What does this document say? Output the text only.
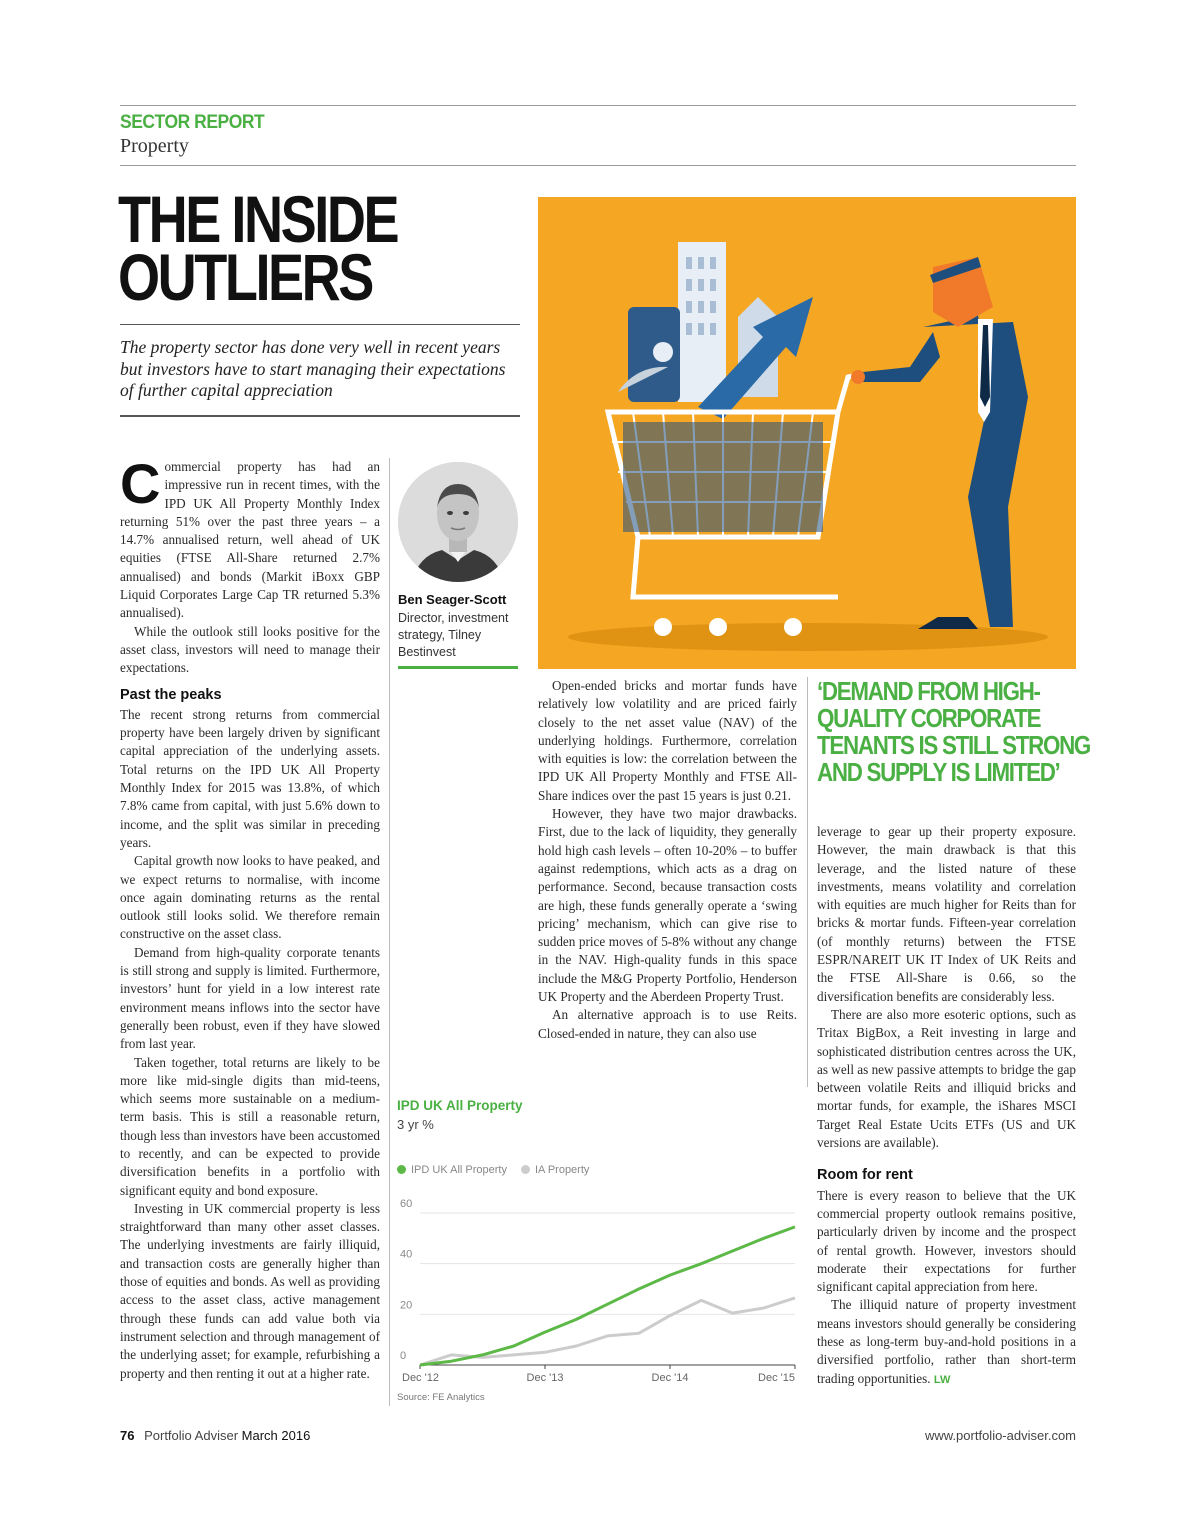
SECTOR REPORT
Property
THE INSIDE
OUTLIERS
The property sector has done very well in recent years but investors have to start managing their expectations of further capital appreciation

Commercial property has had an impressive run in recent times, with the IPD UK All Property Monthly Index returning 51% over the past three years – a 14.7% annualised return, well ahead of UK equities (FTSE All-Share returned 2.7% annualised) and bonds (Markit iBoxx GBP Liquid Corporates Large Cap TR returned 5.3% annualised).

While the outlook still looks positive for the asset class, investors will need to manage their expectations.

Past the peaks

The recent strong returns from commercial property have been largely driven by significant capital appreciation of the underlying assets. Total returns on the IPD UK All Property Monthly Index for 2015 was 13.8%, of which 7.8% came from capital, with just 5.6% down to income, and the split was similar in preceding years.

Capital growth now looks to have peaked, and we expect returns to normalise, with income once again dominating returns as the rental outlook still looks solid. We therefore remain constructive on the asset class.

Demand from high-quality corporate tenants is still strong and supply is limited. Furthermore, investors’ hunt for yield in a low interest rate environment means inflows into the sector have generally been robust, even if they have slowed from last year.

Taken together, total returns are likely to be more like mid-single digits than mid-teens, which seems more sustainable on a medium-term basis. This is still a reasonable return, though less than investors have been accustomed to recently, and can be expected to provide diversification benefits in a portfolio with significant equity and bond exposure.

Investing in UK commercial property is less straightforward than many other asset classes. The underlying investments are fairly illiquid, and transaction costs are generally higher than those of equities and bonds. As well as providing access to the asset class, active management through these funds can add value both via instrument selection and through management of the underlying asset; for example, refurbishing a property and then renting it out at a higher rate.

Ben Seager-Scott
Director, investment strategy, Tilney Bestinvest

Open-ended bricks and mortar funds have relatively low volatility and are priced fairly closely to the net asset value (NAV) of the underlying holdings. Furthermore, correlation with equities is low: the correlation between the IPD UK All Property Monthly and FTSE All-Share indices over the past 15 years is just 0.21.

However, they have two major drawbacks. First, due to the lack of liquidity, they generally hold high cash levels – often 10-20% – to buffer against redemptions, which acts as a drag on performance. Second, because transaction costs are high, these funds generally operate a ‘swing pricing’ mechanism, which can give rise to sudden price moves of 5-8% without any change in the NAV. High-quality funds in this space include the M&G Property Portfolio, Henderson UK Property and the Aberdeen Property Trust.

An alternative approach is to use Reits. Closed-ended in nature, they can also use

‘DEMAND FROM HIGH-
QUALITY CORPORATE
TENANTS IS STILL STRONG
AND SUPPLY IS LIMITED’

leverage to gear up their property exposure. However, the main drawback is that this leverage, and the listed nature of these investments, means volatility and correlation with equities are much higher for Reits than for bricks & mortar funds. Fifteen-year correlation (of monthly returns) between the FTSE ESPR/NAREIT UK IT Index of UK Reits and the FTSE All-Share is 0.66, so the diversification benefits are considerably less.

There are also more esoteric options, such as Tritax BigBox, a Reit investing in large and sophisticated distribution centres across the UK, as well as new passive attempts to bridge the gap between volatile Reits and illiquid bricks and mortar funds, for example, the iShares MSCI Target Real Estate Ucits ETFs (US and UK versions are available).

Room for rent

There is every reason to believe that the UK commercial property outlook remains positive, particularly driven by income and the prospect of rental growth. However, investors should moderate their expectations for further significant capital appreciation from here.

The illiquid nature of property investment means investors should generally be considering these as long-term buy-and-hold positions in a diversified portfolio, rather than short-term trading opportunities. LW

IPD UK All Property
3 yr %
IPD UK All Property	IA Property
0
20
40
60
Dec '12	Dec '13	Dec '14	Dec '15
Source: FE Analytics
76 Portfolio Adviser March 2016	www.portfolio-adviser.com
